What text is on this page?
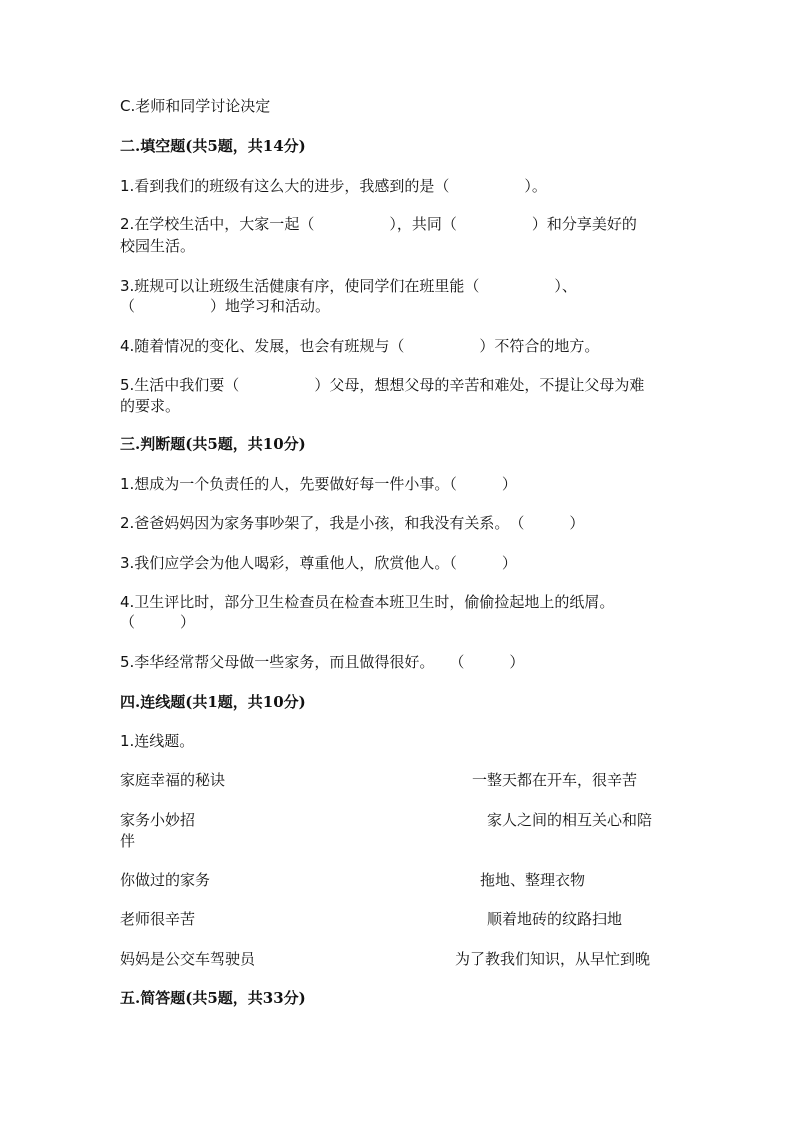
C.老师和同学讨论决定
二.填空题(共5题，共14分)
1.看到我们的班级有这么大的进步，我感到的是（　　　　　）。
2.在学校生活中，大家一起（　　　　　），共同（　　　　　）和分享美好的
校园生活。
3.班规可以让班级生活健康有序，使同学们在班里能（　　　　　）、
（　　　　　）地学习和活动。
4.随着情况的变化、发展，也会有班规与（　　　　　）不符合的地方。
5.生活中我们要（　　　　　）父母，想想父母的辛苦和难处，不提让父母为难
的要求。
三.判断题(共5题，共10分)
1.想成为一个负责任的人，先要做好每一件小事。（　　　）
2.爸爸妈妈因为家务事吵架了，我是小孩，和我没有关系。　（　　　）
3.我们应学会为他人喝彩，尊重他人，欣赏他人。（　　　）
4.卫生评比时，部分卫生检查员在检查本班卫生时，偷偷捡起地上的纸屑。
（　　　）
5.李华经常帮父母做一些家务，而且做得很好。　　（　　　）
四.连线题(共1题，共10分)
1.连线题。
家庭幸福的秘诀	一整天都在开车，很辛苦
家务小妙招	家人之间的相互关心和陪
伴
你做过的家务	拖地、整理衣物
老师很辛苦	顺着地砖的纹路扫地
妈妈是公交车驾驶员	为了教我们知识，从早忙到晚
五.简答题(共5题，共33分)
